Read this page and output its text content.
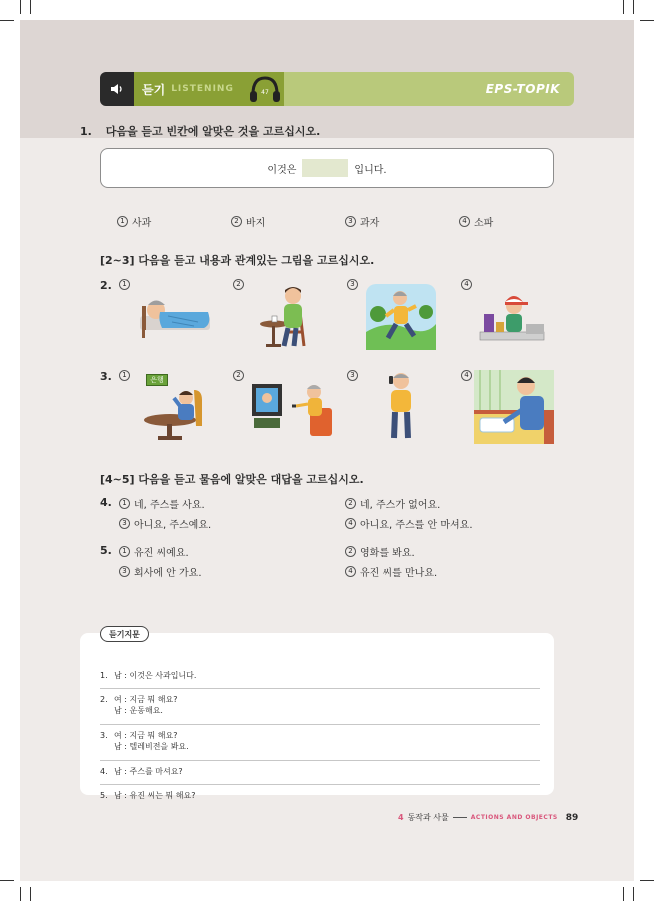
듣기 LISTENING	47	EPS-TOPIK
1. 다음을 듣고 빈칸에 알맞은 것을 고르십시오.
이것은	입니다.
1 사과	2 바지	3 과자	4 소파
[2~3] 다음을 듣고 내용과 관계있는 그림을 고르십시오.
2.	1	2	3	4
3.	1	2	3	4
은행
[4~5] 다음을 듣고 물음에 알맞은 대답을 고르십시오.
4.	1 네, 주스를 사요.	2 네, 주스가 없어요.
3 아니요, 주스예요.	4 아니요, 주스를 안 마셔요.
5.	1 유진 씨예요.	2 영화를 봐요.
3 회사에 안 가요.	4 유진 씨를 만나요.
듣기지문
1. 남 : 이것은 사과입니다.
2. 여 : 지금 뭐 해요?
남 : 운동해요.
3. 여 : 지금 뭐 해요?
남 : 텔레비전을 봐요.
4. 남 : 주스를 마셔요?
5. 남 : 유진 씨는 뭐 해요?
4 동작과 사물	ACTIONS AND OBJECTS 89
